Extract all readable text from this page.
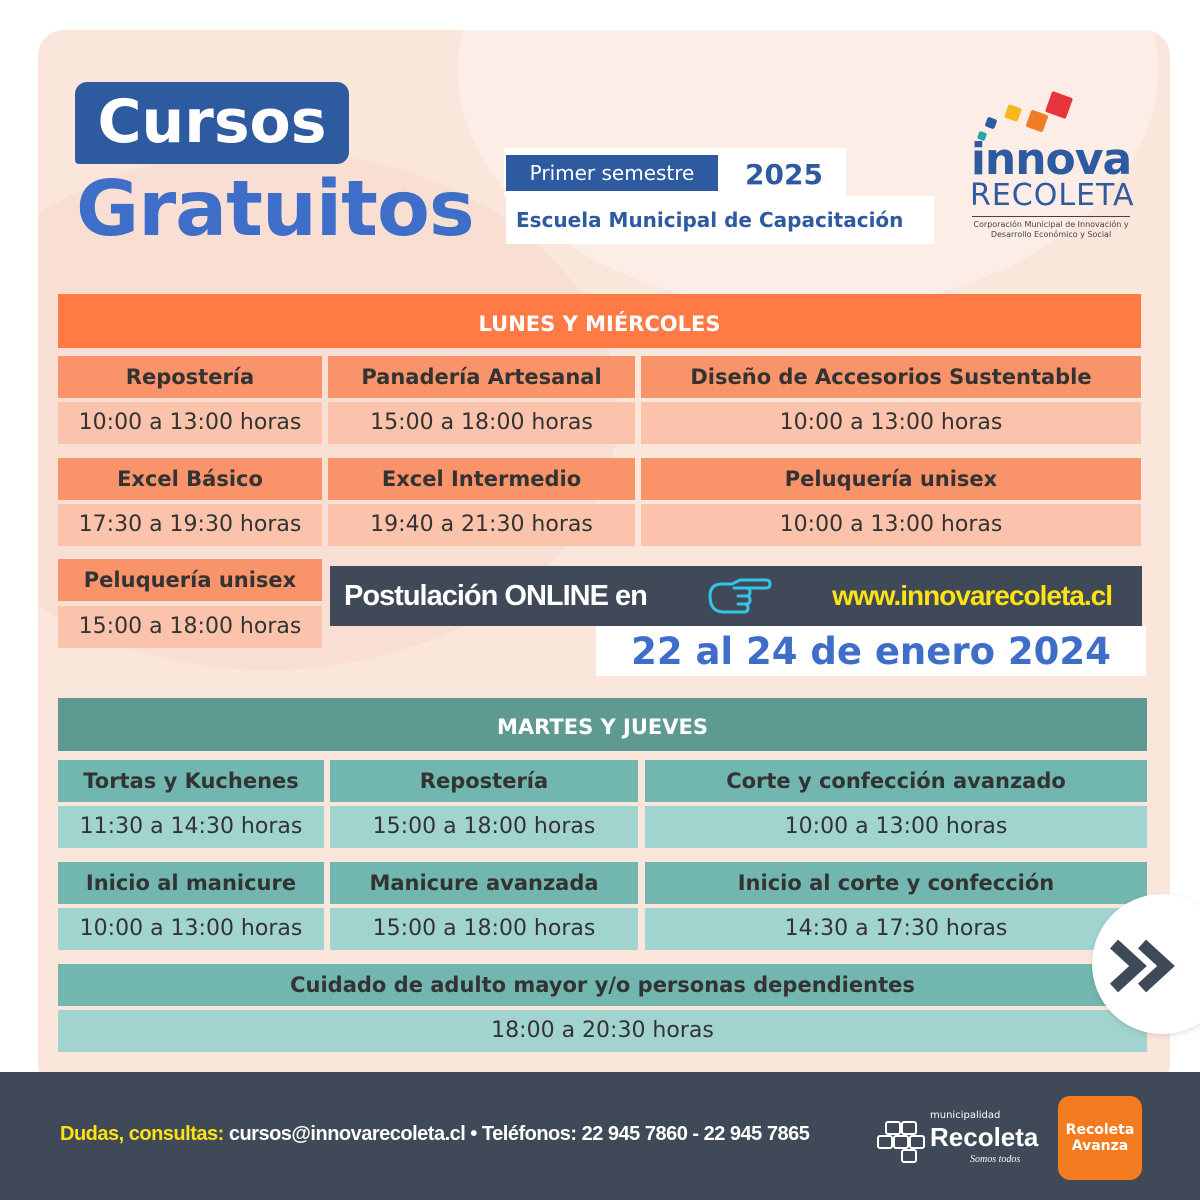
Cursos
Gratuitos	Primer semestre	2025
Escuela Municipal de Capacitación
innova
RECOLETA
Corporación Municipal de Innovación y
Desarrollo Económico y Social
LUNES Y MIÉRCOLES
Repostería
10:00 a 13:00 horas
Panadería Artesanal
15:00 a 18:00 horas
Diseño de Accesorios Sustentable
10:00 a 13:00 horas
Excel Básico
17:30 a 19:30 horas
Excel Intermedio
19:40 a 21:30 horas
Peluquería unisex
10:00 a 13:00 horas
Peluquería unisex
15:00 a 18:00 horas
Postulación ONLINE en	www.innovarecoleta.cl
22 al 24 de enero 2024
MARTES Y JUEVES
Tortas y Kuchenes
11:30 a 14:30 horas
Repostería
15:00 a 18:00 horas
Corte y confección avanzado
10:00 a 13:00 horas
Inicio al manicure
10:00 a 13:00 horas
Manicure avanzada
15:00 a 18:00 horas
Inicio al corte y confección
14:30 a 17:30 horas
Cuidado de adulto mayor y/o personas dependientes
18:00 a 20:30 horas
Dudas, consultas: cursos@innovarecoleta.cl • Teléfonos: 22 945 7860 - 22 945 7865
municipalidad
Recoleta
Somos todos
Recoleta
Avanza
